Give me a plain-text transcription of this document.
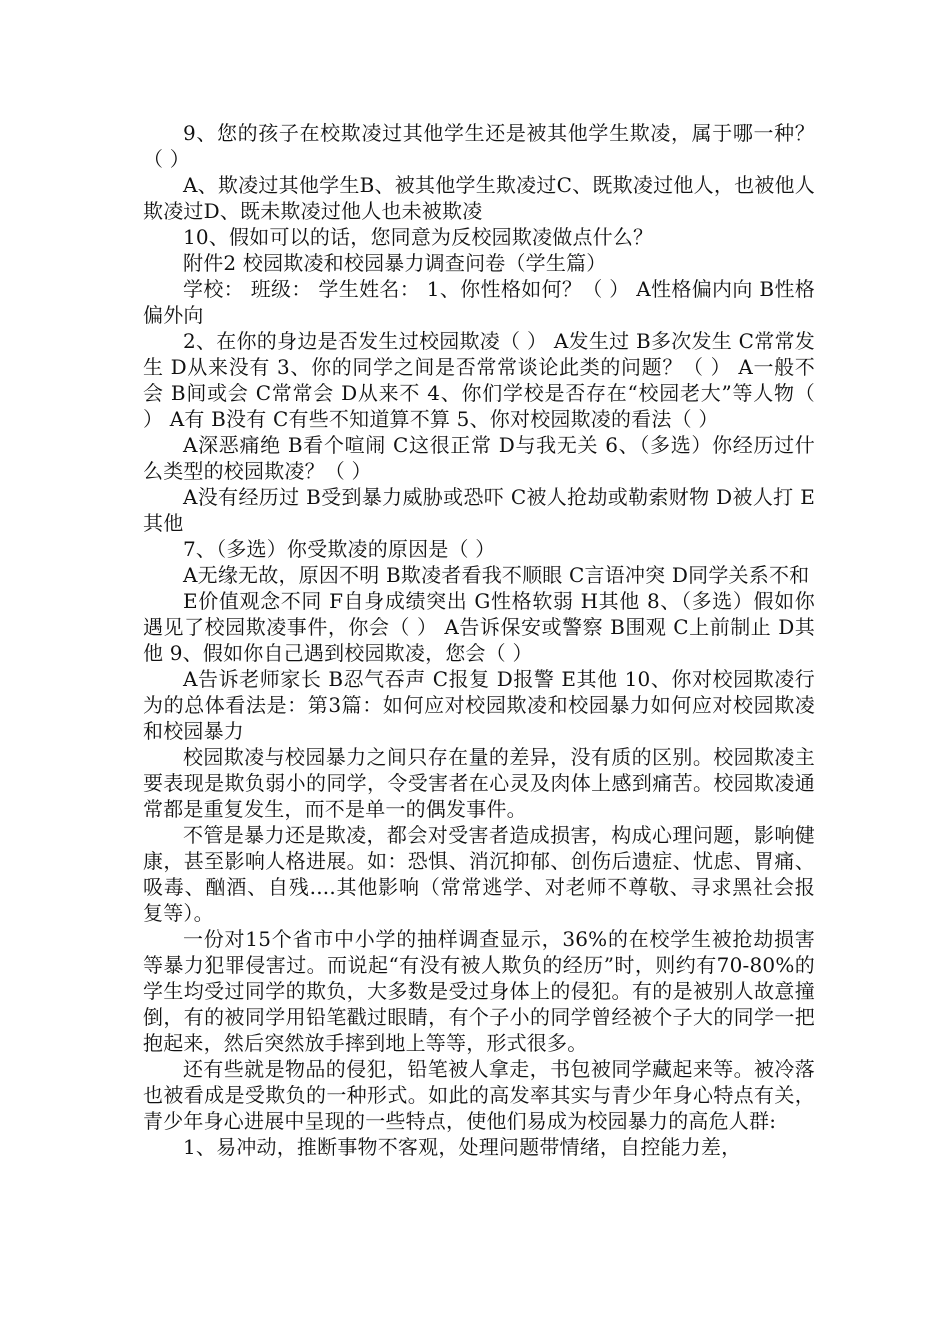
9、您的孩子在校欺凌过其他学生还是被其他学生欺凌，属于哪一种？（ ）

A、欺凌过其他学生B、被其他学生欺凌过C、既欺凌过他人，也被他人欺凌过D、既未欺凌过他人也未被欺凌

10、假如可以的话，您同意为反校园欺凌做点什么？

附件2 校园欺凌和校园暴力调查问卷（学生篇）

学校： 班级： 学生姓名： 1、你性格如何？（ ） A性格偏内向 B性格偏外向

2、在你的身边是否发生过校园欺凌（ ） A发生过 B多次发生 C常常发生 D从来没有 3、你的同学之间是否常常谈论此类的问题？（ ） A一般不会 B间或会 C常常会 D从来不 4、你们学校是否存在“校园老大”等人物（ ） A有 B没有 C有些不知道算不算 5、你对校园欺凌的看法（ ）

A深恶痛绝 B看个喧闹 C这很正常 D与我无关 6、（多选）你经历过什么类型的校园欺凌？（ ）

A没有经历过 B受到暴力威胁或恐吓 C被人抢劫或勒索财物 D被人打 E其他

7、（多选）你受欺凌的原因是（ ）

A无缘无故，原因不明 B欺凌者看我不顺眼 C言语冲突 D同学关系不和

E价值观念不同 F自身成绩突出 G性格软弱 H其他 8、（多选）假如你遇见了校园欺凌事件，你会（ ） A告诉保安或警察 B围观 C上前制止 D其他 9、假如你自己遇到校园欺凌，您会（ ）

A告诉老师家长 B忍气吞声 C报复 D报警 E其他 10、你对校园欺凌行为的总体看法是：第3篇：如何应对校园欺凌和校园暴力如何应对校园欺凌和校园暴力

校园欺凌与校园暴力之间只存在量的差异，没有质的区别。校园欺凌主要表现是欺负弱小的同学，令受害者在心灵及肉体上感到痛苦。校园欺凌通常都是重复发生，而不是单一的偶发事件。

不管是暴力还是欺凌，都会对受害者造成损害，构成心理问题，影响健康，甚至影响人格进展。如：恐惧、消沉抑郁、创伤后遗症、忧虑、胃痛、吸毒、酗酒、自残....其他影响（常常逃学、对老师不尊敬、寻求黑社会报复等）。

一份对15个省市中小学的抽样调查显示，36%的在校学生被抢劫损害等暴力犯罪侵害过。而说起“有没有被人欺负的经历”时，则约有70-80%的学生均受过同学的欺负，大多数是受过身体上的侵犯。有的是被别人故意撞倒，有的被同学用铅笔戳过眼睛，有个子小的同学曾经被个子大的同学一把抱起来，然后突然放手摔到地上等等，形式很多。

还有些就是物品的侵犯，铅笔被人拿走，书包被同学藏起来等。被冷落也被看成是受欺负的一种形式。如此的高发率其实与青少年身心特点有关，青少年身心进展中呈现的一些特点，使他们易成为校园暴力的高危人群:

1、易冲动，推断事物不客观，处理问题带情绪，自控能力差，
